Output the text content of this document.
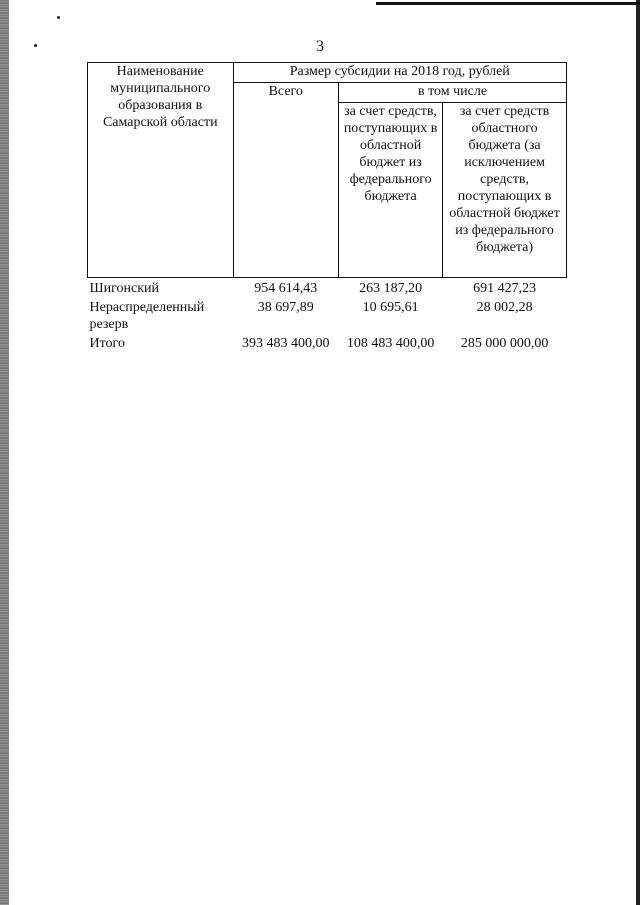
3
Наименование муниципального образования в Самарской области	Размер субсидии на 2018 год, рублей		
	Всего	в том числе	
		за счет средств, поступающих в областной бюджет из федерального бюджета	за счет средств областного бюджета (за исключением средств, поступающих в областной бюджет из федерального бюджета)
Шигонский	954 614,43	263 187,20	691 427,23
Нераспределенный резерв	38 697,89	10 695,61	28 002,28
Итого	393 483 400,00	108 483 400,00	285 000 000,00
